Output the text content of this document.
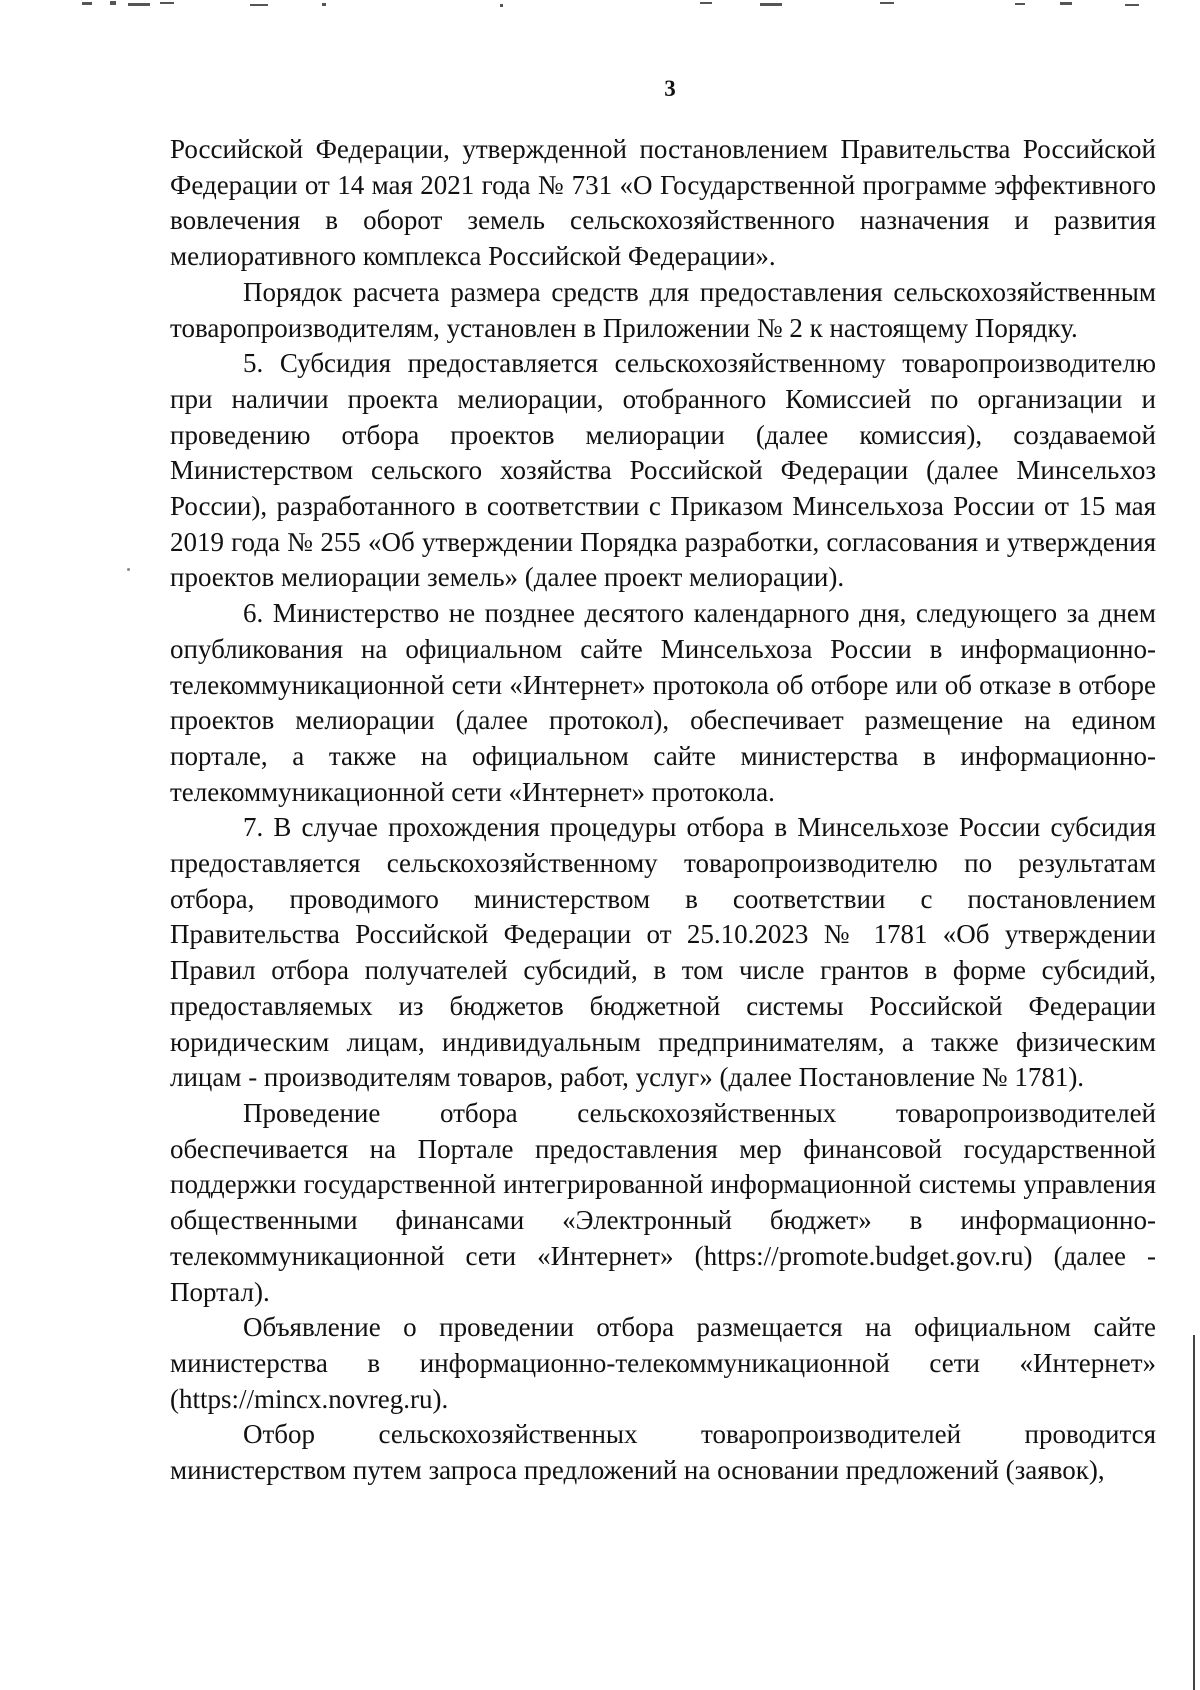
3

Российской Федерации, утвержденной постановлением Правительства Российской Федерации от 14 мая 2021 года № 731 «О Государственной программе эффективного вовлечения в оборот земель сельскохозяйственного назначения и развития мелиоративного комплекса Российской Федерации».

Порядок расчета размера средств для предоставления сельскохозяйственным товаропроизводителям, установлен в Приложении № 2 к настоящему Порядку.

5. Субсидия предоставляется сельскохозяйственному товаропроизводителю при наличии проекта мелиорации, отобранного Комиссией по организации и проведению отбора проектов мелиорации (далее комиссия), создаваемой Министерством сельского хозяйства Российской Федерации (далее Минсельхоз России), разработанного в соответствии с Приказом Минсельхоза России от 15 мая 2019 года № 255 «Об утверждении Порядка разработки, согласования и утверждения проектов мелиорации земель» (далее проект мелиорации).

6. Министерство не позднее десятого календарного дня, следующего за днем опубликования на официальном сайте Минсельхоза России в информационно-телекоммуникационной сети «Интернет» протокола об отборе или об отказе в отборе проектов мелиорации (далее протокол), обеспечивает размещение на едином портале, а также на официальном сайте министерства в информационно-телекоммуникационной сети «Интернет» протокола.

7. В случае прохождения процедуры отбора в Минсельхозе России субсидия предоставляется сельскохозяйственному товаропроизводителю по результатам отбора, проводимого министерством в соответствии с постановлением Правительства Российской Федерации от 25.10.2023 № 1781 «Об утверждении Правил отбора получателей субсидий, в том числе грантов в форме субсидий, предоставляемых из бюджетов бюджетной системы Российской Федерации юридическим лицам, индивидуальным предпринимателям, а также физическим лицам - производителям товаров, работ, услуг» (далее Постановление № 1781).

Проведение отбора сельскохозяйственных товаропроизводителей обеспечивается на Портале предоставления мер финансовой государственной поддержки государственной интегрированной информационной системы управления общественными финансами «Электронный бюджет» в информационно-телекоммуникационной сети «Интернет» (https://promote.budget.gov.ru) (далее - Портал).

Объявление о проведении отбора размещается на официальном сайте министерства в информационно-телекоммуникационной сети «Интернет» (https://mincx.novreg.ru).

Отбор сельскохозяйственных товаропроизводителей проводится министерством путем запроса предложений на основании предложений (заявок),
